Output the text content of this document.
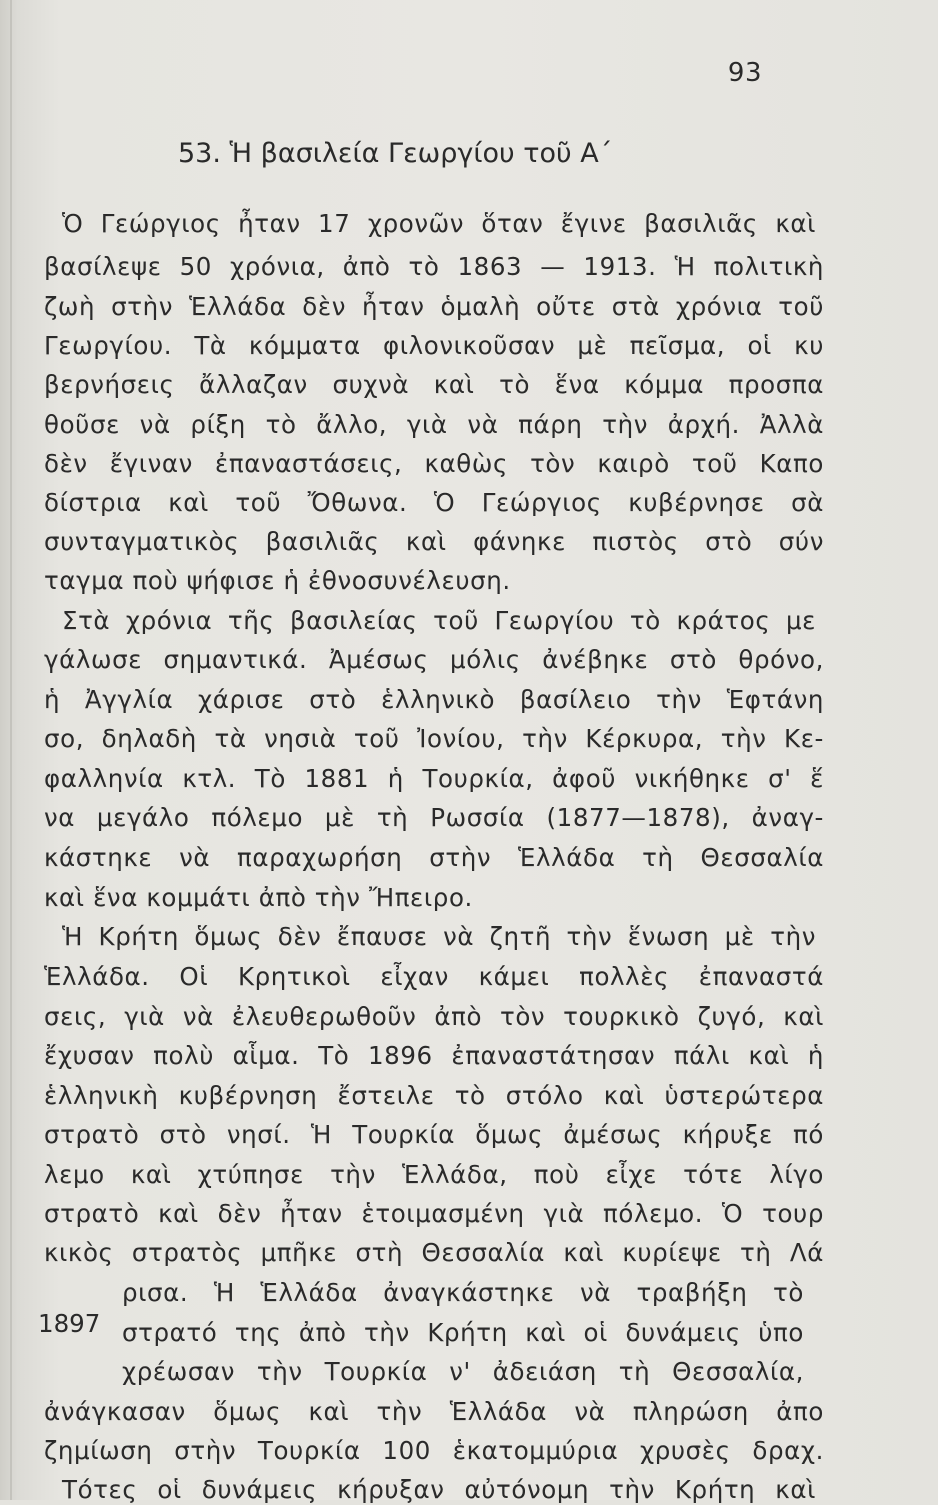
93
53. Ἡ βασιλεία Γεωργίου τοῦ Α΄
Ὁ Γεώργιος ἦταν 17 χρονῶν ὅταν ἔγινε βασιλιᾶς καὶ
βασίλεψε 50 χρόνια, ἀπὸ τὸ 1863 — 1913. Ἡ πολιτικὴ
ζωὴ στὴν Ἑλλάδα δὲν ἦταν ὁμαλὴ οὔτε στὰ χρόνια τοῦ
Γεωργίου. Τὰ κόμματα φιλονικοῦσαν μὲ πεῖσμα, οἱ κυ
βερνήσεις ἄλλαζαν συχνὰ καὶ τὸ ἕνα κόμμα προσπα
θοῦσε νὰ ρίξη τὸ ἄλλο, γιὰ νὰ πάρη τὴν ἀρχή. Ἀλλὰ
δὲν ἔγιναν ἐπαναστάσεις, καθὼς τὸν καιρὸ τοῦ Καπο
δίστρια καὶ τοῦ Ὄθωνα. Ὁ Γεώργιος κυβέρνησε σὰ
συνταγματικὸς βασιλιᾶς καὶ φάνηκε πιστὸς στὸ σύν
ταγμα ποὺ ψήφισε ἡ ἐθνοσυνέλευση.
Στὰ χρόνια τῆς βασιλείας τοῦ Γεωργίου τὸ κράτος με
γάλωσε σημαντικά. Ἀμέσως μόλις ἀνέβηκε στὸ θρόνο,
ἡ Ἀγγλία χάρισε στὸ ἑλληνικὸ βασίλειο τὴν Ἑφτάνη
σο, δηλαδὴ τὰ νησιὰ τοῦ Ἰονίου, τὴν Κέρκυρα, τὴν Κε-
φαλληνία κτλ. Τὸ 1881 ἡ Τουρκία, ἀφοῦ νικήθηκε σ' ἕ
να μεγάλο πόλεμο μὲ τὴ Ρωσσία (1877—1878), ἀναγ-
κάστηκε νὰ παραχωρήση στὴν Ἑλλάδα τὴ Θεσσαλία
καὶ ἕνα κομμάτι ἀπὸ τὴν Ἤπειρο.
Ἡ Κρήτη ὅμως δὲν ἔπαυσε νὰ ζητῆ τὴν ἕνωση μὲ τὴν
Ἑλλάδα. Οἱ Κρητικοὶ εἶχαν κάμει πολλὲς ἐπαναστά
σεις, γιὰ νὰ ἐλευθερωθοῦν ἀπὸ τὸν τουρκικὸ ζυγό, καὶ
ἔχυσαν πολὺ αἷμα. Τὸ 1896 ἐπαναστάτησαν πάλι καὶ ἡ
ἑλληνικὴ κυβέρνηση ἔστειλε τὸ στόλο καὶ ὑστερώτερα
στρατὸ στὸ νησί. Ἡ Τουρκία ὅμως ἀμέσως κήρυξε πό
λεμο καὶ χτύπησε τὴν Ἑλλάδα, ποὺ εἶχε τότε λίγο
στρατὸ καὶ δὲν ἦταν ἑτοιμασμένη γιὰ πόλεμο. Ὁ τουρ
κικὸς στρατὸς μπῆκε στὴ Θεσσαλία καὶ κυρίεψε τὴ Λά
ρισα. Ἡ Ἑλλάδα ἀναγκάστηκε νὰ τραβήξη τὸ
1897 στρατό της ἀπὸ τὴν Κρήτη καὶ οἱ δυνάμεις ὑπο
χρέωσαν τὴν Τουρκία ν' ἀδειάση τὴ Θεσσαλία,
ἀνάγκασαν ὅμως καὶ τὴν Ἑλλάδα νὰ πληρώση ἀπο
ζημίωση στὴν Τουρκία 100 ἑκατομμύρια χρυσὲς δραχ.
Τότες οἱ δυνάμεις κήρυξαν αὐτόνομη τὴν Κρήτη καὶ
